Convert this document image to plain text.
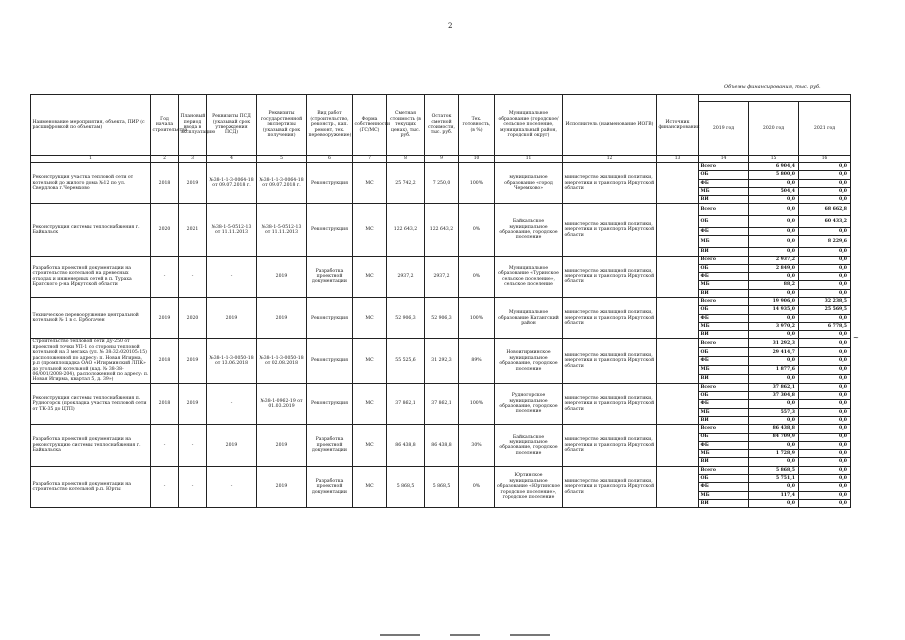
2
Объемы финансирования, тыс. руб.
Наименование мероприятия, объекта, ПИР (с расшифровкой по объектам)	Год начала строительства	Плановый период ввода в эксплуатацию	Реквизиты ПСД (указывай срок утверждения ПСД)	Реквизиты государственной экспертизы (указывай срок получения)	Вид работ (строительство, реконстр., кап. ремонт, тех. перевооружение)	Форма собственности (ГС/МС)	Сметная стоимость (в текущих ценах), тыс. руб.	Остаток сметной стоимости, тыс. руб.	Тех. готовность, (в %)	Муниципальное образование (городское/сельское поселение, муниципальный район, городской округ)	Исполнитель (наименование ИОГВ)	Источник финансирования				
													2019 год	2020 год	2021 год	
1	2	3	4	5	6	7	8	9	10	11	12	13	14	15	16	
Реконструкция участка тепловой сети от котельной до жилого дома №12 по ул. Свердлова г.Черемхово	2018	2019	№38-1-1-3-0064-18 от 09.07.2018 г.	№38-1-1-3-0064-18 от 09.07.2018 г.	Реконструкция	МС	25 742,2	7 250,0	100%	муниципальное образование «город Черемхово»	министерство жилищной политики, энергетики и транспорта Иркутской области		Всего	6 904,4	0,0	
													ОБ	5 800,0	0,0	
													ФБ	0,0	0,0	
													МБ	504,4	0,0	
													ВИ	0,0	0,0	
Реконструкция системы теплоснабжения г. Байкальск	2020	2021	№38-1-5-0512-13 от 11.11.2013	№38-1-5-0512-13 от 11.11.2013	Реконструкция	МС	122 643,2	122 643,2	0%	Байкальское муниципальное образование, городское поселение	министерство жилищной политики, энергетики и транспорта Иркутской области		Всего	0,0	68 662,8	
													ОБ	0,0	60 433,2	
													ФБ	0,0	0,0	
													МБ	0,0	8 229,6	
													ВИ	0,0	0,0	
Разработка проектной документации на строительство котельной на древесных отходах и инженерных сетей в п. Тураха Братского р-на Иркутской области	-	-	-	2019	Разработка проектной документации	МС	2937,2	2937,2	0%	Муниципальное образование «Туринское сельское поселение», сельское поселение	министерство жилищной политики, энергетики и транспорта Иркутской области		Всего	2 937,2	0,0	
													ОБ	2 849,0	0,0	
													ФБ	0,0	0,0	
													МБ	88,2	0,0	
													ВИ	0,0	0,0	
Техническое перевооружение центральной котельной № 1 в с. Ербогачен	2019	2020	2019	2019	Реконструкция	МС	52 906,3	52 906,3	100%	Муниципальное образование Катангский район	министерство жилищной политики, энергетики и транспорта Иркутской области		Всего	19 906,0	32 238,5	
													ОБ	14 935,0	25 569,5	
													ФБ	0,0	0,0	
													МБ	3 970,2	6 778,5	
													ВИ	0,0	0,0	
Строительство тепловой сети Ду-250 от проектной точки УП-1 со стороны тепловой котельной на 3 мегака (ул. № 38:32:020105:15) расположенной по адресу: п. Новая Игирма, р.п (промплощадка ОАО «Игирминский ЛПК» до угольной котельной (кад. № 38-38-06/001/2008-204), расположенной по адресу: п. Новая Игирма, квартал 5, д. 39»)	2018	2019	№38-1-1-3-0050-18 от 13.06.2018	№38-1-1-3-0050-18 от 02.08.2018	Реконструкция	МС	55 525,6	31 292,3	89%	Новоигирминское муниципальное образование, городское поселение	министерство жилищной политики, энергетики и транспорта Иркутской области		Всего	31 292,3	0,0	
													ОБ	29 414,7	0,0	
													ФБ	0,0	0,0	
													МБ	1 877,6	0,0	
													ВИ	0,0	0,0	
Реконструкция системы теплоснабжения п. Рудногорск (прокладка участка тепловой сети от ТК-35 до ЦТП)	2018	2019	-	№38-1-0962-19 от 01.03.2019	Реконструкция	МС	37 862,1	37 862,1	100%	Рудногорское муниципальное образование, городское поселение	министерство жилищной политики, энергетики и транспорта Иркутской области		Всего	37 862,1	0,0	
													ОБ	37 304,8	0,0	
													ФБ	0,0	0,0	
													МБ	557,3	0,0	
													ВИ	0,0	0,0	
Разработка проектной документации на реконструкцию системы теплоснабжения г. Байкальска	-	-	2019	2019	Разработка проектной документации	МС	86 438,8	86 438,8	30%	Байкальское муниципальное образование, городское поселение	министерство жилищной политики, энергетики и транспорта Иркутской области		Всего	86 438,8	0,0	
													ОБ	84 709,9	0,0	
													ФБ	0,0	0,0	
													МБ	1 728,9	0,0	
													ВИ	0,0	0,0	
Разработка проектной документации на строительство котельной р.п. Юрты	-	-	-	2019	Разработка проектной документации	МС	5 868,5	5 868,5	0%	Юртинское муниципальное образование «Юртинское городское поселение», городское поселение	министерство жилищной политики, энергетики и транспорта Иркутской области		Всего	5 868,5	0,0	
													ОБ	5 751,1	0,0	
													ФБ	0,0	0,0	
													МБ	117,4	0,0	
													ВИ	0,0	0,0	
~
